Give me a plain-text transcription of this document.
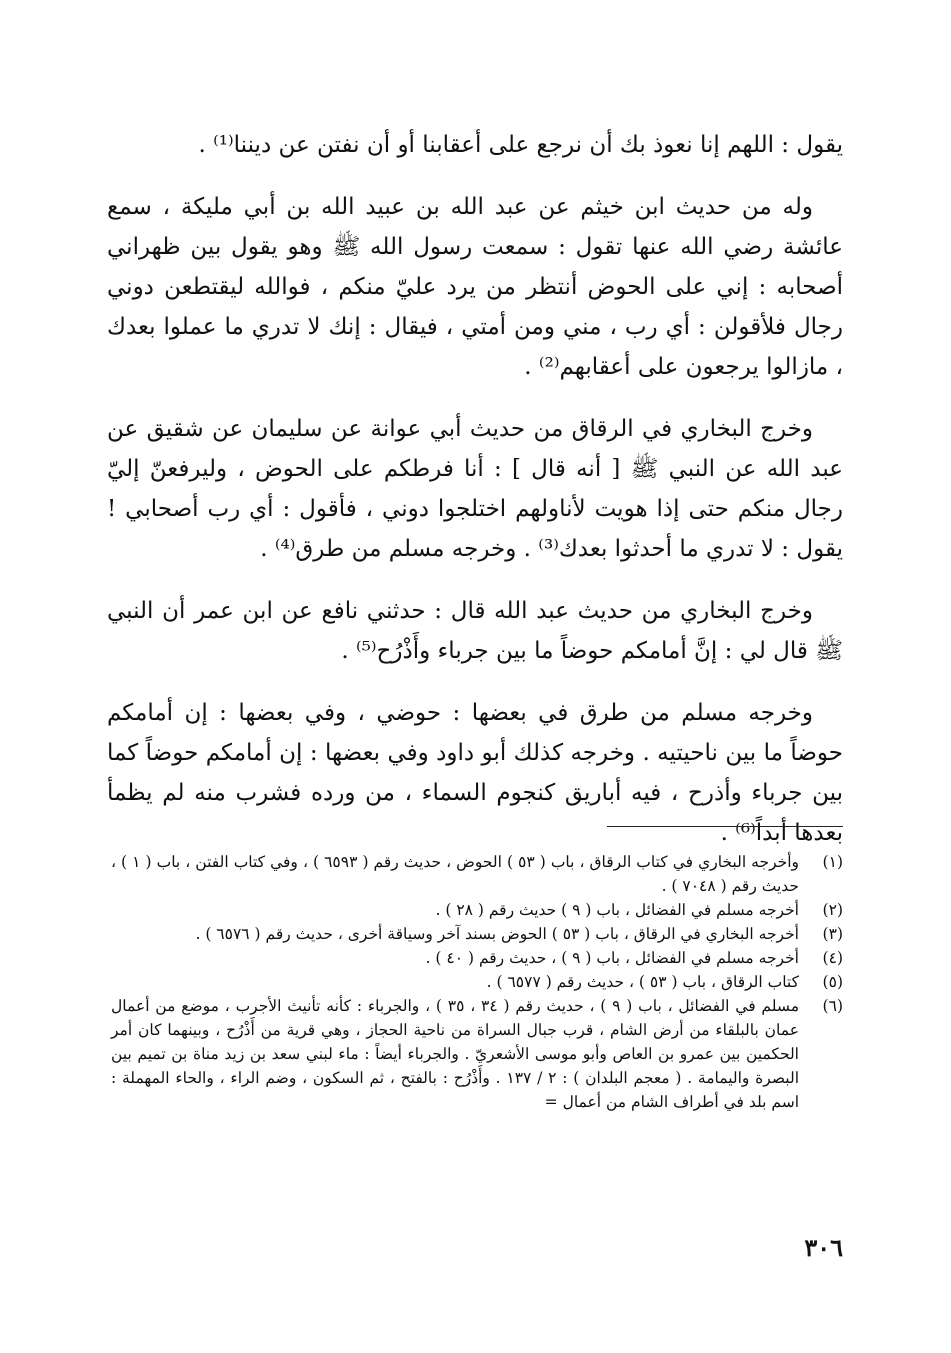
يقول : اللهم إنا نعوذ بك أن نرجع على أعقابنا أو أن نفتن عن ديننا⁽¹⁾ .

وله من حديث ابن خيثم عن عبد الله بن عبيد الله بن أبي مليكة ، سمع عائشة رضي الله عنها تقول : سمعت رسول الله ﷺ وهو يقول بين ظهراني أصحابه : إني على الحوض أنتظر من يرد عليّ منكم ، فوالله ليقتطعن دوني رجال فلأقولن : أي رب ، مني ومن أمتي ، فيقال : إنك لا تدري ما عملوا بعدك ، مازالوا يرجعون على أعقابهم⁽²⁾ .

وخرج البخاري في الرقاق من حديث أبي عوانة عن سليمان عن شقيق عن عبد الله عن النبي ﷺ [ أنه قال ] : أنا فرطكم على الحوض ، وليرفعنّ إليّ رجال منكم حتى إذا هويت لأناولهم اختلجوا دوني ، فأقول : أي رب أصحابي ! يقول : لا تدري ما أحدثوا بعدك⁽³⁾ . وخرجه مسلم من طرق⁽⁴⁾ .

وخرج البخاري من حديث عبد الله قال : حدثني نافع عن ابن عمر أن النبي ﷺ قال لي : إنَّ أمامكم حوضاً ما بين جرباء وأَذْرُح⁽⁵⁾ .

وخرجه مسلم من طرق في بعضها : حوضي ، وفي بعضها : إن أمامكم حوضاً ما بين ناحيتيه . وخرجه كذلك أبو داود وفي بعضها : إن أمامكم حوضاً كما بين جرباء وأذرح ، فيه أباريق كنجوم السماء ، من ورده فشرب منه لم يظمأ بعدها أبداً⁽⁶⁾ .

(١)
وأخرجه البخاري في كتاب الرقاق ، باب ( ٥٣ ) الحوض ، حديث رقم ( ٦٥٩٣ ) ، وفي كتاب الفتن ، باب ( ١ ) ، حديث رقم ( ٧٠٤٨ ) .
(٢)
أخرجه مسلم في الفضائل ، باب ( ٩ ) حديث رقم ( ٢٨ ) .
(٣)
أخرجه البخاري في الرقاق ، باب ( ٥٣ ) الحوض بسند آخر وسياقة أخرى ، حديث رقم ( ٦٥٧٦ ) .
(٤)
أخرجه مسلم في الفضائل ، باب ( ٩ ) ، حديث رقم ( ٤٠ ) .
(٥)
كتاب الرقاق ، باب ( ٥٣ ) ، حديث رقم ( ٦٥٧٧ ) .
(٦)
مسلم في الفضائل ، باب ( ٩ ) ، حديث رقم ( ٣٤ ، ٣٥ ) ، والجرباء : كأنه تأنيث الأجرب ، موضع من أعمال عمان بالبلقاء من أرض الشام ، قرب جبال السراة من ناحية الحجاز ، وهي قرية من أَذْرُح ، وبينهما كان أمر الحكمين بين عمرو بن العاص وأبو موسى الأشعريّ . والجرباء أيضاً : ماء لبني سعد بن زيد مناة بن تميم بين البصرة واليمامة . ( معجم البلدان ) : ٢ / ١٣٧ . وأَذْرُح : بالفتح ، ثم السكون ، وضم الراء ، والحاء المهملة : اسم بلد في أطراف الشام من أعمال =
٣٠٦
